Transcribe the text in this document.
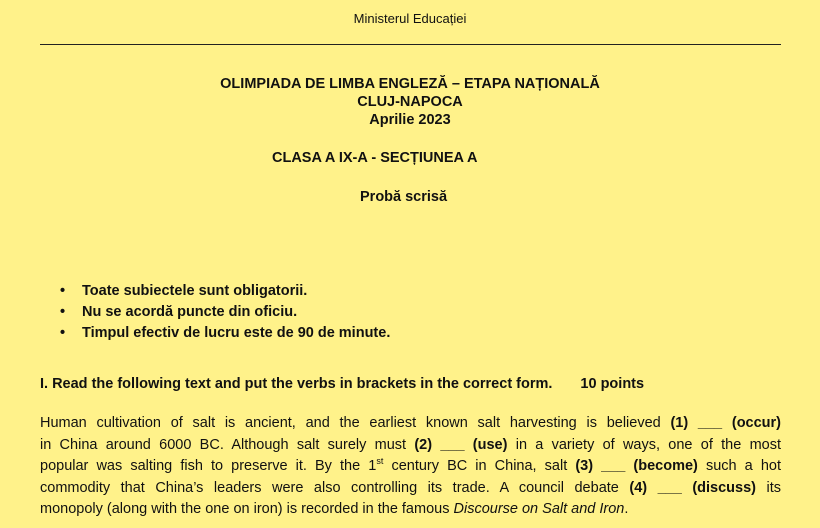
Ministerul Educației
OLIMPIADA DE LIMBA ENGLEZĂ – ETAPA NAȚIONALĂ
CLUJ-NAPOCA
Aprilie 2023
CLASA A IX-A - SECȚIUNEA A
Probă scrisă
• Toate subiectele sunt obligatorii.
• Nu se acordă puncte din oficiu.
• Timpul efectiv de lucru este de 90 de minute.
I. Read the following text and put the verbs in brackets in the correct form. 10 points
Human cultivation of salt is ancient, and the earliest known salt harvesting is believed (1) ___ (occur)
in China around 6000 BC. Although salt surely must (2) ___ (use) in a variety of ways, one of the most
popular was salting fish to preserve it. By the 1st century BC in China, salt (3) ___ (become) such a hot
commodity that China’s leaders were also controlling its trade. A council debate (4) ___ (discuss) its
monopoly (along with the one on iron) is recorded in the famous Discourse on Salt and Iron.
